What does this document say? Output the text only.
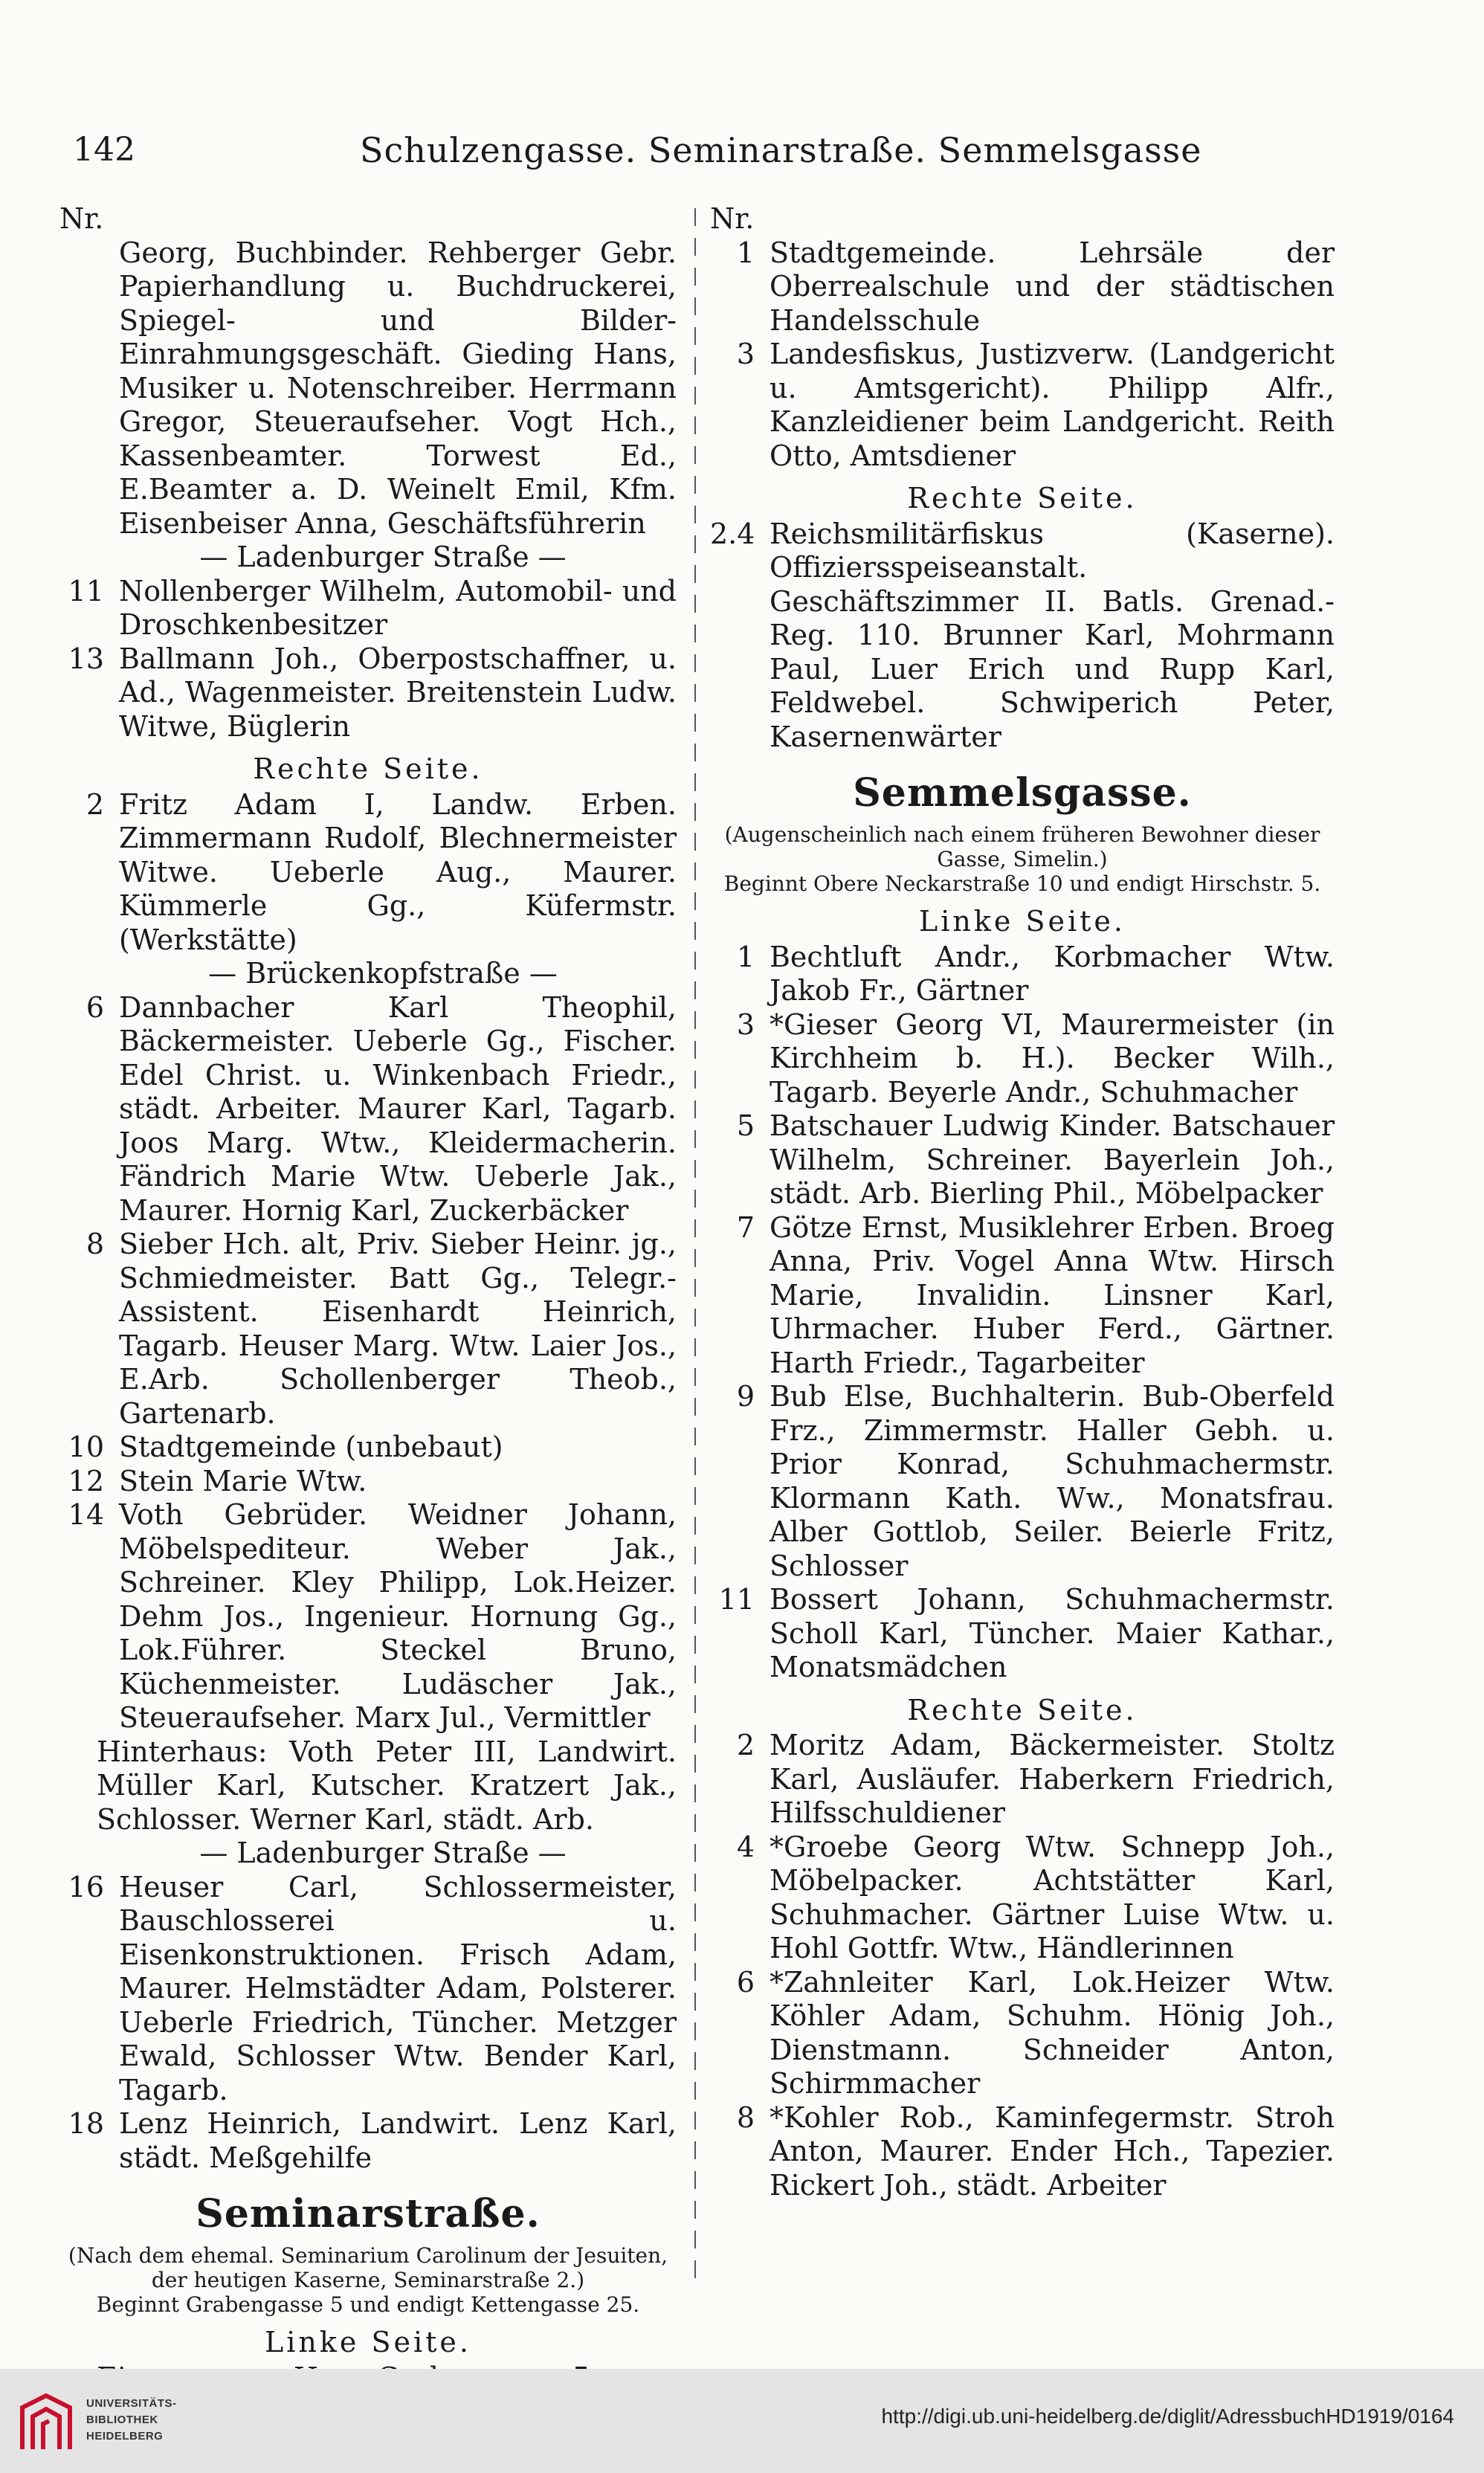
142	Schulzengasse. Seminarstraße. Semmelsgasse
Nr.
Georg, Buchbinder. Rehberger Gebr. Papierhandlung u. Buchdruckerei, Spiegel- und Bilder-Einrahmungsgeschäft. Gieding Hans, Musiker u. Notenschreiber. Herrmann Gregor, Steueraufseher. Vogt Hch., Kassenbeamter. Torwest Ed., E.Beamter a. D. Weinelt Emil, Kfm. Eisenbeiser Anna, Geschäftsführerin
— Ladenburger Straße —
11 Nollenberger Wilhelm, Automobil- und Droschkenbesitzer
13 Ballmann Joh., Oberpostschaffner, u. Ad., Wagenmeister. Breitenstein Ludw. Witwe, Büglerin
Rechte Seite.
2 Fritz Adam I, Landw. Erben. Zimmermann Rudolf, Blechnermeister Witwe. Ueberle Aug., Maurer. Kümmerle Gg., Küfermstr. (Werkstätte)
— Brückenkopfstraße —
6 Dannbacher Karl Theophil, Bäckermeister. Ueberle Gg., Fischer. Edel Christ. u. Winkenbach Friedr., städt. Arbeiter. Maurer Karl, Tagarb. Joos Marg. Wtw., Kleidermacherin. Fändrich Marie Wtw. Ueberle Jak., Maurer. Hornig Karl, Zuckerbäcker
8 Sieber Hch. alt, Priv. Sieber Heinr. jg., Schmiedmeister. Batt Gg., Telegr.-Assistent. Eisenhardt Heinrich, Tagarb. Heuser Marg. Wtw. Laier Jos., E.Arb. Schollenberger Theob., Gartenarb.
10 Stadtgemeinde (unbebaut)
12 Stein Marie Wtw.
14 Voth Gebrüder. Weidner Johann, Möbelspediteur. Weber Jak., Schreiner. Kley Philipp, Lok.Heizer. Dehm Jos., Ingenieur. Hornung Gg., Lok.Führer. Steckel Bruno, Küchenmeister. Ludäscher Jak., Steueraufseher. Marx Jul., Vermittler
Hinterhaus: Voth Peter III, Landwirt. Müller Karl, Kutscher. Kratzert Jak., Schlosser. Werner Karl, städt. Arb.
— Ladenburger Straße —
16 Heuser Carl, Schlossermeister, Bauschlosserei u. Eisenkonstruktionen. Frisch Adam, Maurer. Helmstädter Adam, Polsterer. Ueberle Friedrich, Tüncher. Metzger Ewald, Schlosser Wtw. Bender Karl, Tagarb.
18 Lenz Heinrich, Landwirt. Lenz Karl, städt. Meßgehilfe
Seminarstraße.
(Nach dem ehemal. Seminarium Carolinum der Jesuiten, der heutigen Kaserne, Seminarstraße 2.)
Beginnt Grabengasse 5 und endigt Kettengasse 25.
Linke Seite.
Nr.
1 Stadtgemeinde. Lehrsäle der Oberrealschule und der städtischen Handelsschule
3 Landesfiskus, Justizverw. (Landgericht u. Amtsgericht). Philipp Alfr., Kanzleidiener beim Landgericht. Reith Otto, Amtsdiener
Rechte Seite.
2.4 Reichsmilitärfiskus (Kaserne). Offiziersspeiseanstalt. Geschäftszimmer II. Batls. Grenad.-Reg. 110. Brunner Karl, Mohrmann Paul, Luer Erich und Rupp Karl, Feldwebel. Schwiperich Peter, Kasernenwärter
Semmelsgasse.
(Augenscheinlich nach einem früheren Bewohner dieser Gasse, Simelin.)
Beginnt Obere Neckarstraße 10 und endigt Hirschstr. 5.
Linke Seite.
1 Bechtluft Andr., Korbmacher Wtw. Jakob Fr., Gärtner
3 *Gieser Georg VI, Maurermeister (in Kirchheim b. H.). Becker Wilh., Tagarb. Beyerle Andr., Schuhmacher
5 Batschauer Ludwig Kinder. Batschauer Wilhelm, Schreiner. Bayerlein Joh., städt. Arb. Bierling Phil., Möbelpacker
7 Götze Ernst, Musiklehrer Erben. Broeg Anna, Priv. Vogel Anna Wtw. Hirsch Marie, Invalidin. Linsner Karl, Uhrmacher. Huber Ferd., Gärtner. Harth Friedr., Tagarbeiter
9 Bub Else, Buchhalterin. Bub-Oberfeld Frz., Zimmermstr. Haller Gebh. u. Prior Konrad, Schuhmachermstr. Klormann Kath. Ww., Monatsfrau. Alber Gottlob, Seiler. Beierle Fritz, Schlosser
11 Bossert Johann, Schuhmachermstr. Scholl Karl, Tüncher. Maier Kathar., Monatsmädchen
Rechte Seite.
2 Moritz Adam, Bäckermeister. Stoltz Karl, Ausläufer. Haberkern Friedrich, Hilfsschuldiener
4 *Groebe Georg Wtw. Schnepp Joh., Möbelpacker. Achtstätter Karl, Schuhmacher. Gärtner Luise Wtw. u. Hohl Gottfr. Wtw., Händlerinnen
6 *Zahnleiter Karl, Lok.Heizer Wtw. Köhler Adam, Schuhm. Hönig Joh., Dienstmann. Schneider Anton, Schirmmacher
8 *Kohler Rob., Kaminfegermstr. Stroh Anton, Maurer. Ender Hch., Tapezier. Rickert Joh., städt. Arbeiter
UNIVERSITÄTS-
BIBLIOTHEK
HEIDELBERG
http://digi.ub.uni-heidelberg.de/diglit/AdressbuchHD1919/0164
